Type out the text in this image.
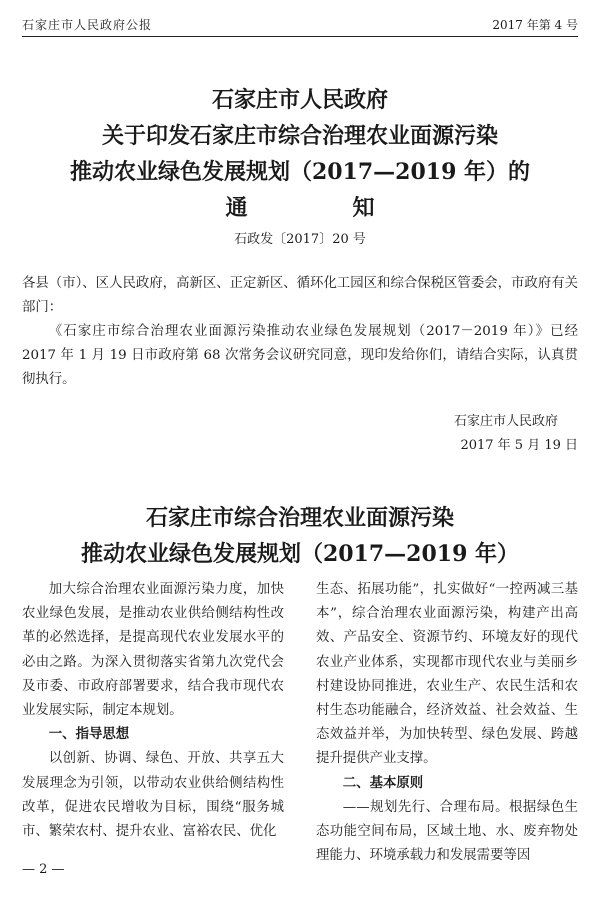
石家庄市人民政府公报	2017 年第 4 号
石家庄市人民政府
关于印发石家庄市综合治理农业面源污染
推动农业绿色发展规划（2017—2019 年）的
通知
石政发〔2017〕20 号

各县（市）、区人民政府，高新区、正定新区、循环化工园区和综合保税区管委会，市政府有关部门：

《石家庄市综合治理农业面源污染推动农业绿色发展规划（2017－2019 年）》已经 2017 年 1 月 19 日市政府第 68 次常务会议研究同意，现印发给你们，请结合实际，认真贯彻执行。

石家庄市人民政府
2017 年 5 月 19 日
石家庄市综合治理农业面源污染
推动农业绿色发展规划（2017—2019 年）

加大综合治理农业面源污染力度，加快农业绿色发展，是推动农业供给侧结构性改革的必然选择，是提高现代农业发展水平的必由之路。为深入贯彻落实省第九次党代会及市委、市政府部署要求，结合我市现代农业发展实际，制定本规划。

一、指导思想

以创新、协调、绿色、开放、共享五大发展理念为引领，以带动农业供给侧结构性改革，促进农民增收为目标，围绕“服务城市、繁荣农村、提升农业、富裕农民、优化

生态、拓展功能”，扎实做好“一控两减三基本”，综合治理农业面源污染，构建产出高效、产品安全、资源节约、环境友好的现代农业产业体系，实现都市现代农业与美丽乡村建设协同推进，农业生产、农民生活和农村生态功能融合，经济效益、社会效益、生态效益并举，为加快转型、绿色发展、跨越提升提供产业支撑。

二、基本原则

——规划先行、合理布局。根据绿色生态功能空间布局，区域土地、水、废弃物处理能力、环境承载力和发展需要等因

— 2 —
